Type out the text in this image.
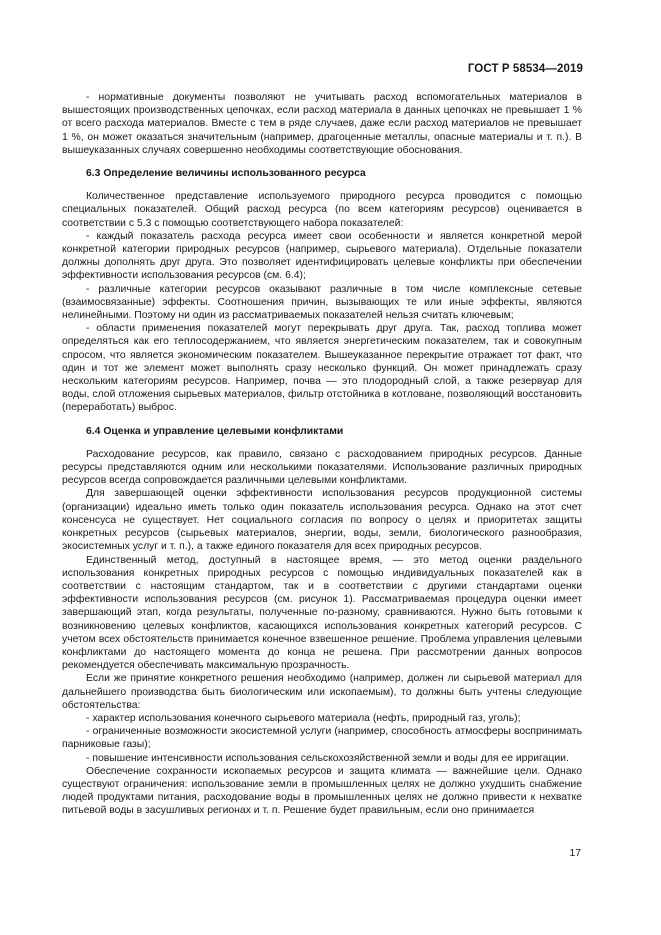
ГОСТ Р 58534—2019

- нормативные документы позволяют не учитывать расход вспомогательных материалов в вышестоящих производственных цепочках, если расход материала в данных цепочках не превышает 1 % от всего расхода материалов. Вместе с тем в ряде случаев, даже если расход материалов не превышает 1 %, он может оказаться значительным (например, драгоценные металлы, опасные материалы и т. п.). В вышеуказанных случаях совершенно необходимы соответствующие обоснования.

6.3 Определение величины использованного ресурса

Количественное представление используемого природного ресурса проводится с помощью специальных показателей. Общий расход ресурса (по всем категориям ресурсов) оценивается в соответствии с 5.3 с помощью соответствующего набора показателей:

- каждый показатель расхода ресурса имеет свои особенности и является конкретной мерой конкретной категории природных ресурсов (например, сырьевого материала). Отдельные показатели должны дополнять друг друга. Это позволяет идентифицировать целевые конфликты при обеспечении эффективности использования ресурсов (см. 6.4);

- различные категории ресурсов оказывают различные в том числе комплексные сетевые (взаимосвязанные) эффекты. Соотношения причин, вызывающих те или иные эффекты, являются нелинейными. Поэтому ни один из рассматриваемых показателей нельзя считать ключевым;

- области применения показателей могут перекрывать друг друга. Так, расход топлива может определяться как его теплосодержанием, что является энергетическим показателем, так и совокупным спросом, что является экономическим показателем. Вышеуказанное перекрытие отражает тот факт, что один и тот же элемент может выполнять сразу несколько функций. Он может принадлежать сразу нескольким категориям ресурсов. Например, почва — это плодородный слой, а также резервуар для воды, слой отложения сырьевых материалов, фильтр отстойника в котловане, позволяющий восстановить (переработать) выброс.

6.4 Оценка и управление целевыми конфликтами

Расходование ресурсов, как правило, связано с расходованием природных ресурсов. Данные ресурсы представляются одним или несколькими показателями. Использование различных природных ресурсов всегда сопровождается различными целевыми конфликтами.

Для завершающей оценки эффективности использования ресурсов продукционной системы (организации) идеально иметь только один показатель использования ресурса. Однако на этот счет консенсуса не существует. Нет социального согласия по вопросу о целях и приоритетах защиты конкретных ресурсов (сырьевых материалов, энергии, воды, земли, биологического разнообразия, экосистемных услуг и т. п.), а также единого показателя для всех природных ресурсов.

Единственный метод, доступный в настоящее время, — это метод оценки раздельного использования конкретных природных ресурсов с помощью индивидуальных показателей как в соответствии с настоящим стандартом, так и в соответствии с другими стандартами оценки эффективности использования ресурсов (см. рисунок 1). Рассматриваемая процедура оценки имеет завершающий этап, когда результаты, полученные по-разному, сравниваются. Нужно быть готовыми к возникновению целевых конфликтов, касающихся использования конкретных категорий ресурсов. С учетом всех обстоятельств принимается конечное взвешенное решение. Проблема управления целевыми конфликтами до настоящего момента до конца не решена. При рассмотрении данных вопросов рекомендуется обеспечивать максимальную прозрачность.

Если же принятие конкретного решения необходимо (например, должен ли сырьевой материал для дальнейшего производства быть биологическим или ископаемым), то должны быть учтены следующие обстоятельства:

- характер использования конечного сырьевого материала (нефть, природный газ, уголь);

- ограниченные возможности экосистемной услуги (например, способность атмосферы воспринимать парниковые газы);

- повышение интенсивности использования сельскохозяйственной земли и воды для ее ирригации.

Обеспечение сохранности ископаемых ресурсов и защита климата — важнейшие цели. Однако существуют ограничения: использование земли в промышленных целях не должно ухудшить снабжение людей продуктами питания, расходование воды в промышленных целях не должно привести к нехватке питьевой воды в засушливых регионах и т. п. Решение будет правильным, если оно принимается

17
